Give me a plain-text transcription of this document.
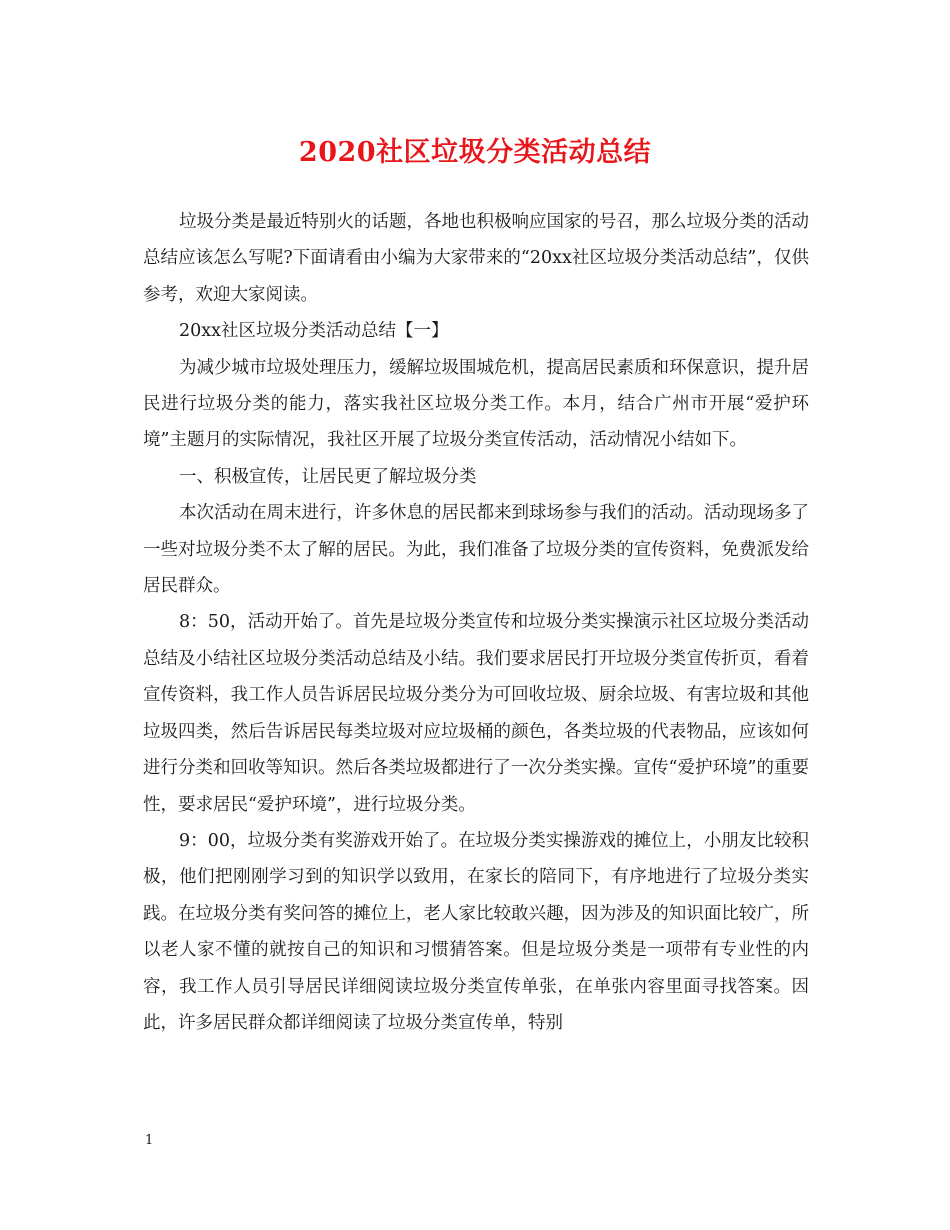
2020社区垃圾分类活动总结

垃圾分类是最近特别火的话题，各地也积极响应国家的号召，那么垃圾分类的活动总结应该怎么写呢?下面请看由小编为大家带来的“20xx社区垃圾分类活动总结”，仅供参考，欢迎大家阅读。

20xx社区垃圾分类活动总结【一】

为减少城市垃圾处理压力，缓解垃圾围城危机，提高居民素质和环保意识，提升居民进行垃圾分类的能力，落实我社区垃圾分类工作。本月，结合广州市开展“爱护环境”主题月的实际情况，我社区开展了垃圾分类宣传活动，活动情况小结如下。

一、积极宣传，让居民更了解垃圾分类

本次活动在周末进行，许多休息的居民都来到球场参与我们的活动。活动现场多了一些对垃圾分类不太了解的居民。为此，我们准备了垃圾分类的宣传资料，免费派发给居民群众。

8：50，活动开始了。首先是垃圾分类宣传和垃圾分类实操演示社区垃圾分类活动总结及小结社区垃圾分类活动总结及小结。我们要求居民打开垃圾分类宣传折页，看着宣传资料，我工作人员告诉居民垃圾分类分为可回收垃圾、厨余垃圾、有害垃圾和其他垃圾四类，然后告诉居民每类垃圾对应垃圾桶的颜色，各类垃圾的代表物品，应该如何进行分类和回收等知识。然后各类垃圾都进行了一次分类实操。宣传“爱护环境”的重要性，要求居民“爱护环境”，进行垃圾分类。

9：00，垃圾分类有奖游戏开始了。在垃圾分类实操游戏的摊位上，小朋友比较积极，他们把刚刚学习到的知识学以致用，在家长的陪同下，有序地进行了垃圾分类实践。在垃圾分类有奖问答的摊位上，老人家比较敢兴趣，因为涉及的知识面比较广，所以老人家不懂的就按自己的知识和习惯猜答案。但是垃圾分类是一项带有专业性的内容，我工作人员引导居民详细阅读垃圾分类宣传单张，在单张内容里面寻找答案。因此，许多居民群众都详细阅读了垃圾分类宣传单，特别

1
